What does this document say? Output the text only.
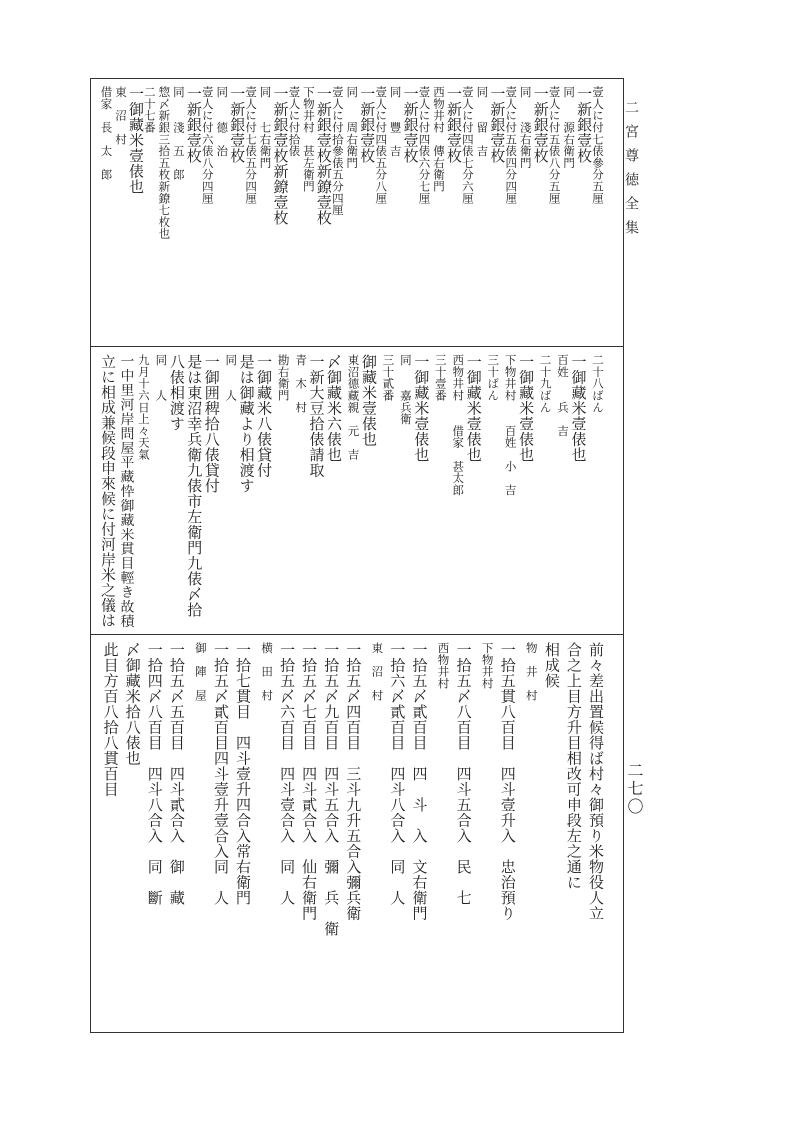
二宮尊徳全集
二七〇
壹人に付七俵參分五厘
一新銀壹枚
同　　源右衛門
壹人に付五俵八分五厘
一新銀壹枚
同　　淺右衛門
壹人に付五俵四分四厘
一新銀壹枚
同　　留　吉
壹人に付四俵七分六厘
一新銀壹枚
西物井村　傳右衛門
壹人に付四俵六分七厘
一新銀壹枚
同　　豐　吉
壹人に付四俵五分八厘
一新銀壹枚
同　　周右衛門
壹人に付拾參俵五分四厘
一新銀壹枚新鐐壹枚
下物井村　甚左衛門
壹人に付拾俵
一新銀壹枚新鐐壹枚
同　　七右衛門
壹人に付七俵五分四厘
一新銀壹枚
同　　德　治
壹人に付六俵八分四厘
一新銀壹枚
同　　淺　五　郎
惣〆新銀三拾五枚新鐐七枚也
二十七番
一御藏米壹俵也
東　沼　村
借家　長　太　郎
二十八ばん
一御藏米壹俵也
百姓　　兵　吉
二十九ばん
一御藏米壹俵也
下物井村　　百姓　小　吉
三十ばん
一御藏米壹俵也
西物井村　　借家　甚太郎
三十壹番
一御藏米壹俵也
同　　嘉兵衛
三十貳番
御藏米壹俵也
東沼德藏親　元　吉
〆御藏米六俵也
一新大豆拾俵請取
青　木　村
勘右衛門
一御藏米八俵貸付
是は御藏より相渡す
同　　人
一御囲稗拾八俵貸付
是は東沼幸兵衛九俵市左衛門九俵〆拾
八俵相渡す
同　　人
九月十六日上々天氣
一中里河岸問屋平藏忰御藏米貫目輕き故積
立に相成兼候段申來候に付河岸米之儀は
前々差出置候得ば村々御預り米物役人立
合之上目方升目相改可申段左之通に
相成候
物　井　村
一拾五貫八百目　四斗壹升入　忠治預り
下物井村
一拾五〆八百目　四斗五合入　民　七
西物井村
一拾五〆貳百目　四　斗　入　文右衛門
一拾六〆貳百目　四斗八合入　同　人
東　沼　村
一拾五〆四百目　三斗九升五合入彌兵衛
一拾五〆九百目　四斗五合入　彌　兵　衛
一拾五〆七百目　四斗貳合入　仙右衛門
一拾五〆六百目　四斗壹合入　同　人
横　田　村
一拾七貫目　四斗壹升四合入常右衛門
一拾五〆貳百目四斗壹升壹合入同　人
御　陣　屋
一拾五〆五百目　四斗貳合入　御　藏
一拾四〆八百目　四斗八合入　同　斷
〆御藏米拾八俵也
此目方百八拾八貫百目
